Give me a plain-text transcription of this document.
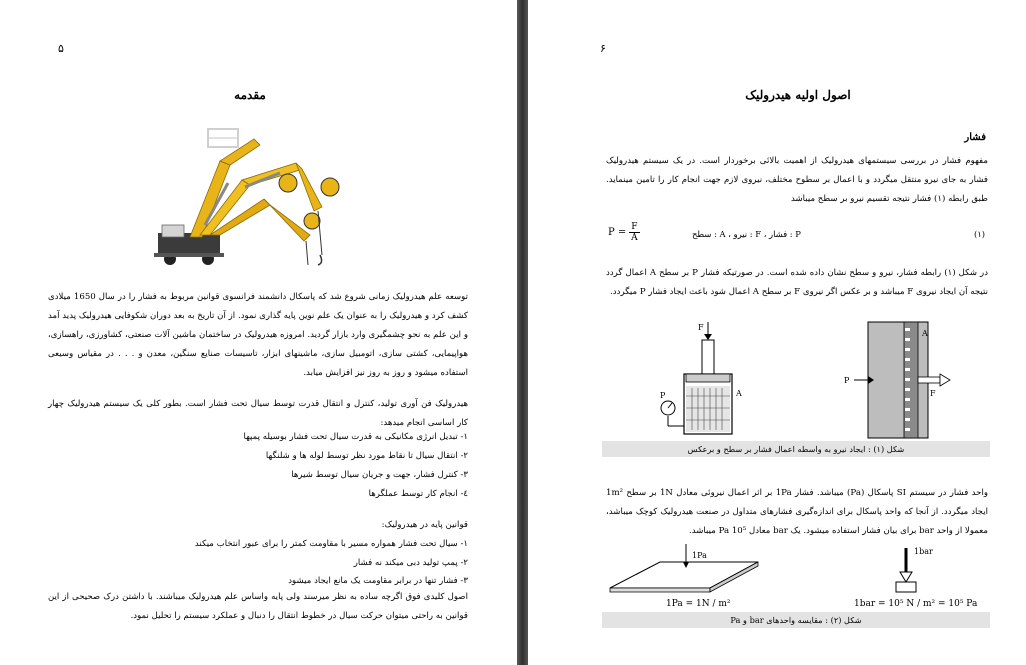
۵
مقدمه
توسعه علم هیدرولیک زمانی شروع شد که پاسکال دانشمند فرانسوی قوانین مربوط به فشار را در سال 1650 میلادی کشف کرد و هیدرولیک را به عنوان یک علم نوین پایه گذاری نمود. از آن تاریخ به بعد دوران شکوفایی هیدرولیک پدید آمد و این علم به نحو چشمگیری وارد بازار گردید. امروزه هیدرولیک در ساختمان ماشین آلات صنعتی، کشاورزی، راهسازی، هواپیمایی، کشتی سازی، اتومبیل سازی، ماشینهای ابزار، تاسیسات صنایع سنگین، معدن و . . . در مقیاس وسیعی استفاده میشود و روز به روز نیز افزایش میابد.
هیدرولیک فن آوری تولید، کنترل و انتقال قدرت توسط سیال تحت فشار است. بطور کلی یک سیستم هیدرولیک چهار کار اساسی انجام میدهد:
۱- تبدیل انرژی مکانیکی به قدرت سیال تحت فشار بوسیله پمپها
۲- انتقال سیال تا نقاط مورد نظر توسط لوله ها و شلنگها
۳- کنترل فشار، جهت و جریان سیال توسط شیرها
٤- انجام کار توسط عملگرها
قوانین پایه در هیدرولیک:
۱- سیال تحت فشار همواره مسیر با مقاومت کمتر را برای عبور انتخاب میکند
۲- پمپ تولید دبی میکند نه فشار
۳- فشار تنها در برابر مقاومت یک مانع ایجاد میشود
اصول کلیدی فوق اگرچه ساده به نظر میرسند ولی پایه واساس علم هیدرولیک میباشند. با داشتن درک صحیحی از این قوانین به راحتی میتوان حرکت سیال در خطوط انتقال را دنبال و عملکرد سیستم را تحلیل نمود.
۶
اصول اولیه هیدرولیک
فشار
مفهوم فشار در بررسی سیستمهای هیدرولیک از اهمیت بالائی برخوردار است. در یک سیستم هیدرولیک فشار به جای نیرو منتقل میگردد و با اعمال بر سطوح مختلف، نیروی لازم جهت انجام کار را تامین مینماید. طبق رابطه (۱) فشار نتیجه تقسیم نیرو بر سطح میباشد
$P = \frac{F}{A}$	P : فشار ، F : نیرو ، A : سطح	(۱)
در شکل (۱) رابطه فشار، نیرو و سطح نشان داده شده است. در صورتیکه فشار P بر سطح A اعمال گردد نتیجه آن ایجاد نیروی F میباشد و بر عکس اگر نیروی F بر سطح A اعمال شود باعث ایجاد فشار P میگردد.
F
A
P
A
P
F
شکل (۱) : ایجاد نیرو به واسطه اعمال فشار بر سطح و برعکس
واحد فشار در سیستم SI پاسکال (Pa) میباشد. فشار 1Pa بر اثر اعمال نیروئی معادل 1N بر سطح 1m² ایجاد میگردد. از آنجا که واحد پاسکال برای اندازه‌گیری فشارهای متداول در صنعت هیدرولیک کوچک میباشد، معمولا از واحد bar برای بیان فشار استفاده میشود. یک bar معادل 10⁵ Pa میباشد.
1Pa	1bar
1Pa = 1N / m²	1bar = 10⁵ N / m² = 10⁵ Pa
شکل (۲) : مقایسه واحدهای bar و Pa
